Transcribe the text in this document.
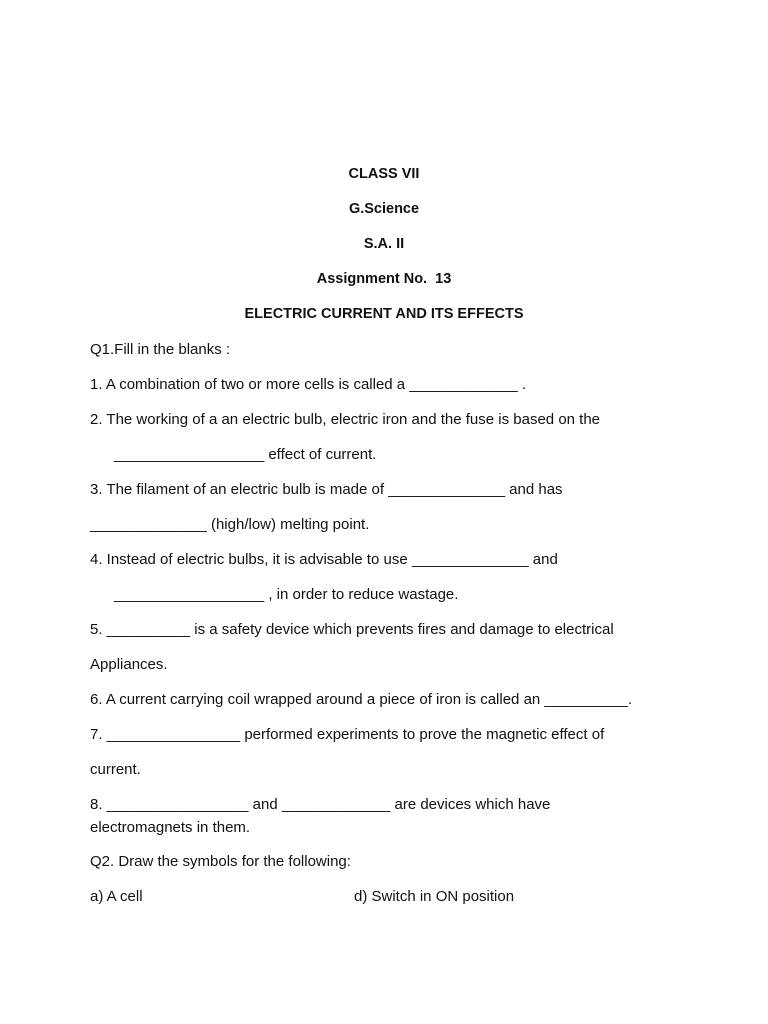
CLASS VII
G.Science
S.A. II
Assignment No.  13
ELECTRIC CURRENT AND ITS EFFECTS
Q1.Fill in the blanks :
1. A combination of two or more cells is called a _____________ .
2. The working of a an electric bulb, electric iron and the fuse is based on the
__________________ effect of current.
3. The filament of an electric bulb is made of ______________ and has
______________ (high/low) melting point.
4. Instead of electric bulbs, it is advisable to use ______________ and
__________________ , in order to reduce wastage.
5. __________ is a safety device which prevents fires and damage to electrical
Appliances.
6. A current carrying coil wrapped around a piece of iron is called an __________.
7. ________________ performed experiments to prove the magnetic effect of
current.
8. _________________ and _____________ are devices which have
electromagnets in them.
Q2. Draw the symbols for the following:
a) A cell	d) Switch in ON position
